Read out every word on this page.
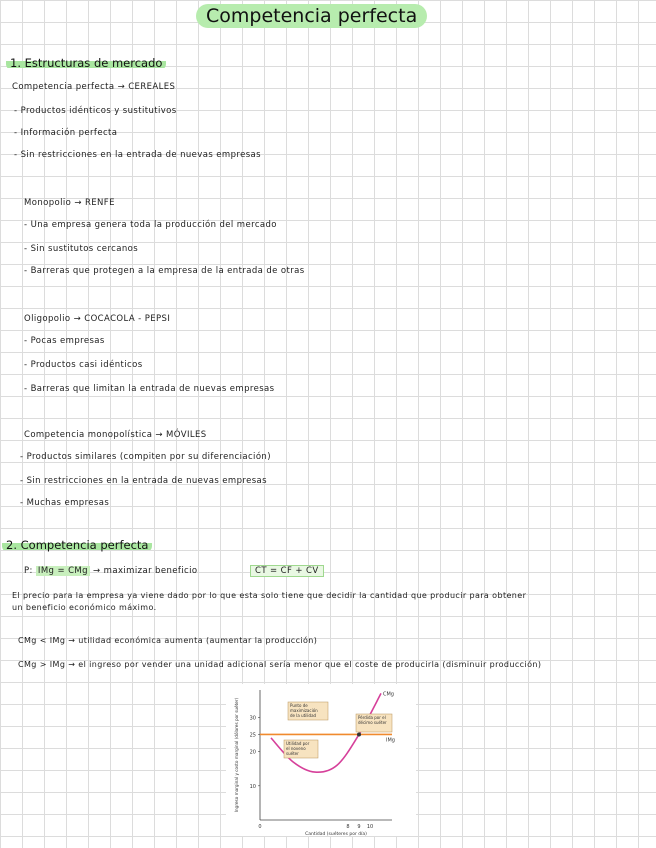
Competencia perfecta
1. Estructuras de mercado
Competencia perfecta → CEREALES
- Productos idénticos y sustitutivos
- Información perfecta
- Sin restricciones en la entrada de nuevas empresas
Monopolio → RENFE
- Una empresa genera toda la producción del mercado
- Sin sustitutos cercanos
- Barreras que protegen a la empresa de la entrada de otras
Oligopolio → COCACOLA - PEPSI
- Pocas empresas
- Productos casi idénticos
- Barreras que limitan la entrada de nuevas empresas
Competencia monopolística → MÓVILES
- Productos similares (compiten por su diferenciación)
- Sin restricciones en la entrada de nuevas empresas
- Muchas empresas
2. Competencia perfecta
P: IMg = CMg → maximizar beneficio	CT = CF + CV
El precio para la empresa ya viene dado por lo que esta solo tiene que decidir la cantidad que producir para obtener
un beneficio económico máximo.
CMg < IMg → utilidad económica aumenta (aumentar la producción)
CMg > IMg → el ingreso por vender una unidad adicional sería menor que el coste de producirla (disminuir producción)
10
20
25
30
0	8 9 10
Cantidad (suéteres por día)
Ingreso marginal y costo marginal (dólares por suéter)
CMg
IMg
Punto de maximización de la utilidad	Pérdida por el décimo suéter
Utilidad por el noveno suéter
